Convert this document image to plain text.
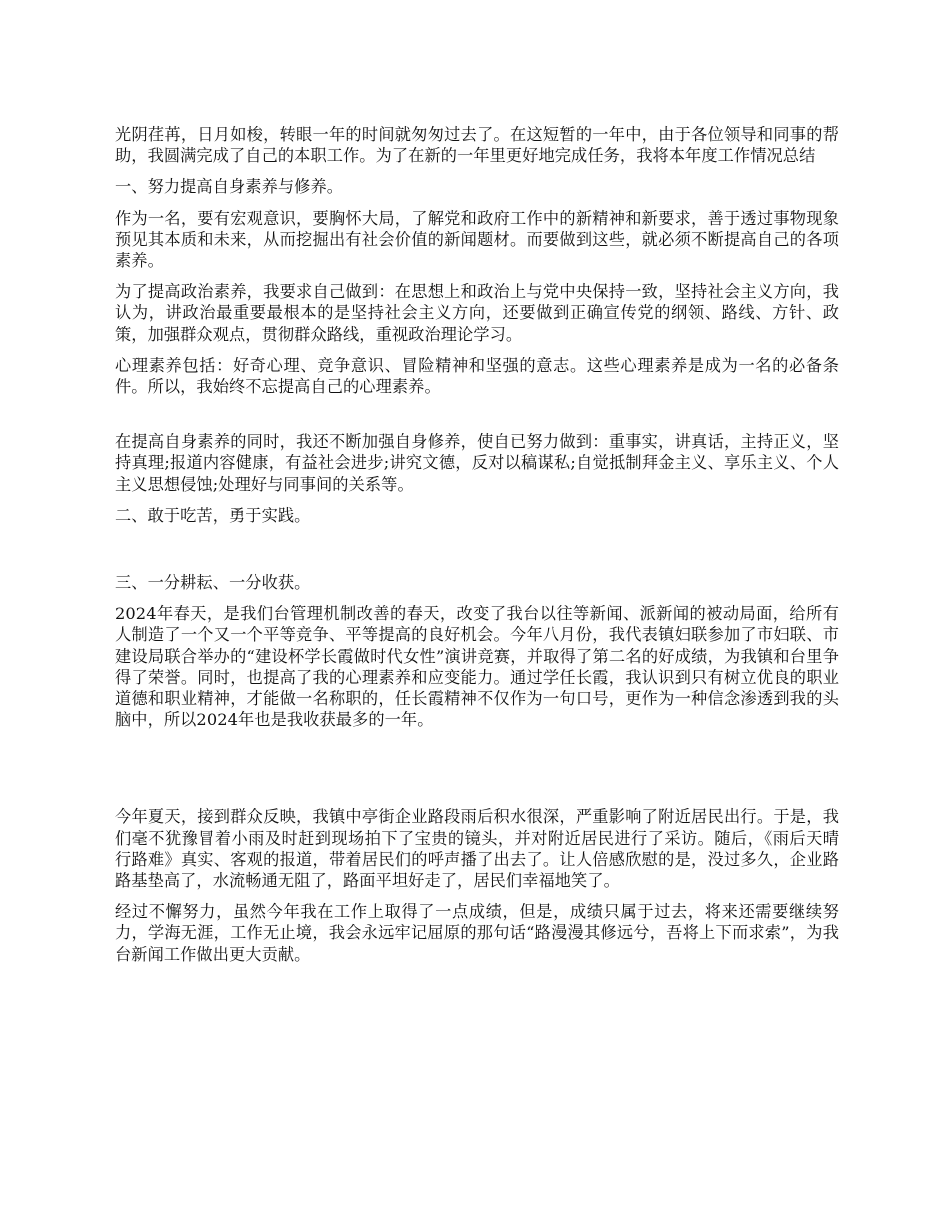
光阴荏苒，日月如梭，转眼一年的时间就匆匆过去了。在这短暂的一年中，由于各位领导和同事的帮助，我圆满完成了自己的本职工作。为了在新的一年里更好地完成任务，我将本年度工作情况总结

一、努力提高自身素养与修养。

作为一名，要有宏观意识，要胸怀大局，了解党和政府工作中的新精神和新要求，善于透过事物现象预见其本质和未来，从而挖掘出有社会价值的新闻题材。而要做到这些，就必须不断提高自己的各项素养。

为了提高政治素养，我要求自己做到：在思想上和政治上与党中央保持一致，坚持社会主义方向，我认为，讲政治最重要最根本的是坚持社会主义方向，还要做到正确宣传党的纲领、路线、方针、政策，加强群众观点，贯彻群众路线，重视政治理论学习。

心理素养包括：好奇心理、竞争意识、冒险精神和坚强的意志。这些心理素养是成为一名的必备条件。所以，我始终不忘提高自己的心理素养。

在提高自身素养的同时，我还不断加强自身修养，使自已努力做到：重事实，讲真话，主持正义，坚持真理;报道内容健康，有益社会进步;讲究文德，反对以稿谋私;自觉抵制拜金主义、享乐主义、个人主义思想侵蚀;处理好与同事间的关系等。

二、敢于吃苦，勇于实践。

三、一分耕耘、一分收获。

2024年春天，是我们台管理机制改善的春天，改变了我台以往等新闻、派新闻的被动局面，给所有人制造了一个又一个平等竞争、平等提高的良好机会。今年八月份，我代表镇妇联参加了市妇联、市建设局联合举办的“建设杯学长霞做时代女性”演讲竞赛，并取得了第二名的好成绩，为我镇和台里争得了荣誉。同时，也提高了我的心理素养和应变能力。通过学任长霞，我认识到只有树立优良的职业道德和职业精神，才能做一名称职的，任长霞精神不仅作为一句口号，更作为一种信念渗透到我的头脑中，所以2024年也是我收获最多的一年。

今年夏天，接到群众反映，我镇中亭街企业路段雨后积水很深，严重影响了附近居民出行。于是，我们毫不犹豫冒着小雨及时赶到现场拍下了宝贵的镜头，并对附近居民进行了采访。随后，《雨后天晴行路难》真实、客观的报道，带着居民们的呼声播了出去了。让人倍感欣慰的是，没过多久，企业路路基垫高了，水流畅通无阻了，路面平坦好走了，居民们幸福地笑了。

经过不懈努力，虽然今年我在工作上取得了一点成绩，但是，成绩只属于过去，将来还需要继续努力，学海无涯，工作无止境，我会永远牢记屈原的那句话“路漫漫其修远兮，吾将上下而求索”，为我台新闻工作做出更大贡献。
